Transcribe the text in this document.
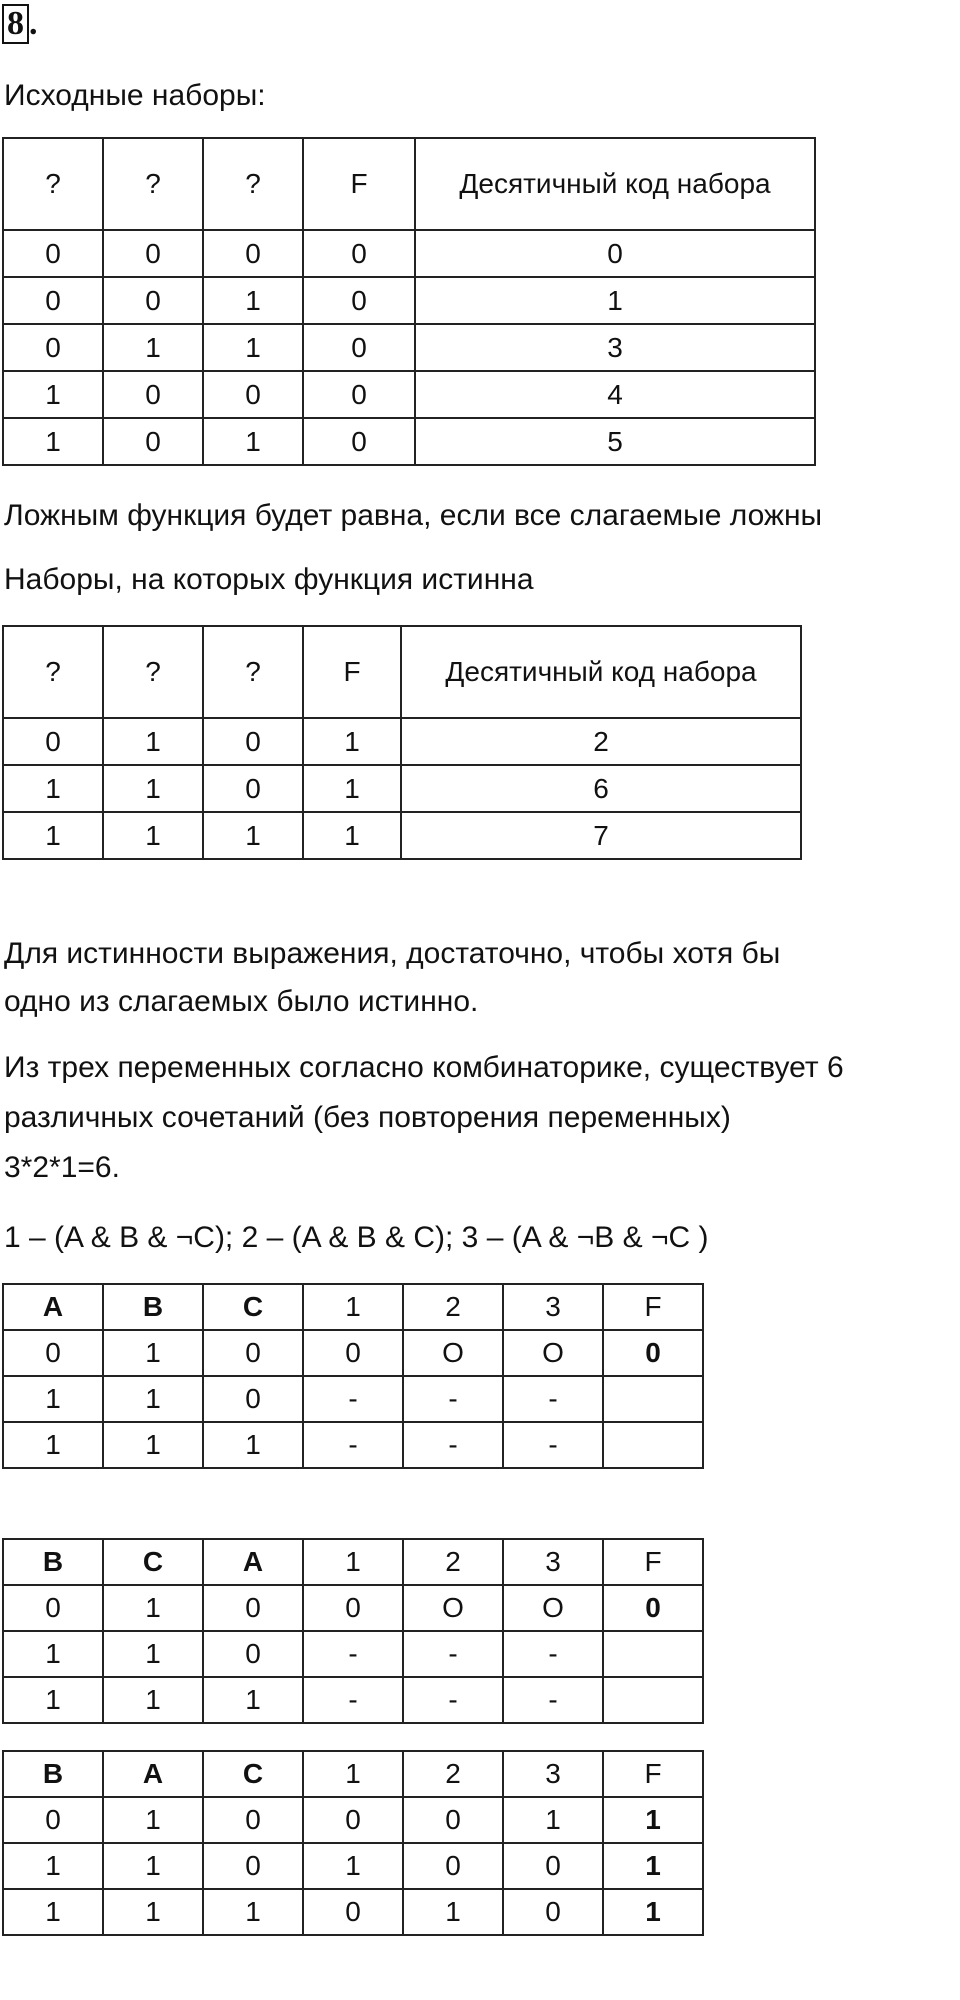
8 .

Исходные наборы:

?	?	?	F	Десятичный код набора
0	0	0	0	0
0	0	1	0	1
0	1	1	0	3
1	0	0	0	4
1	0	1	0	5

Ложным функция будет равна, если все слагаемые ложны

Наборы, на которых функция истинна

?	?	?	F	Десятичный код набора
0	1	0	1	2
1	1	0	1	6
1	1	1	1	7

Для истинности выражения, достаточно, чтобы хотя бы

одно из слагаемых было истинно.

Из трех переменных согласно комбинаторике, существует 6

различных сочетаний (без повторения переменных)

3*2*1=6.

1 – (A & B & ¬C); 2 – (A & B & C); 3 – (A & ¬B & ¬C )

A	B	C	1	2	3	F
0	1	0	0	O	O	0
1	1	0	-	-	-	
1	1	1	-	-	-	
B	C	A	1	2	3	F
0	1	0	0	O	O	0
1	1	0	-	-	-	
1	1	1	-	-	-	
B	A	C	1	2	3	F
0	1	0	0	0	1	1
1	1	0	1	0	0	1
1	1	1	0	1	0	1
